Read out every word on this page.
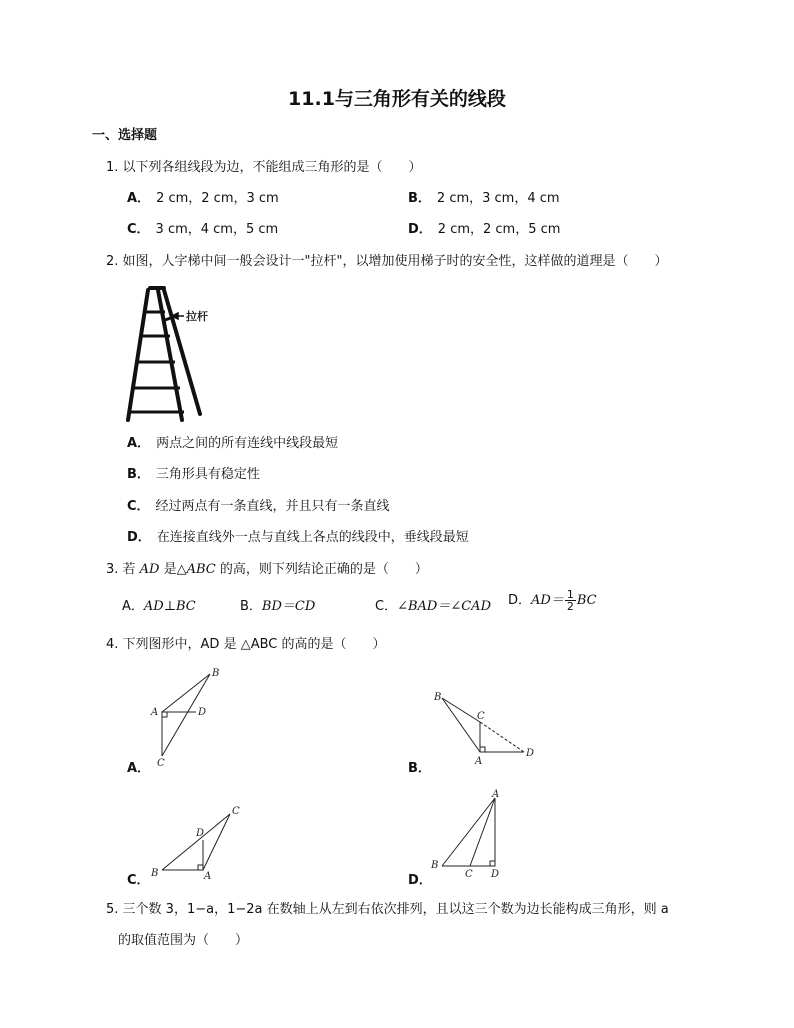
11.1与三角形有关的线段
一、选择题
1. 以下列各组线段为边，不能组成三角形的是（　　）
A． 2 cm，2 cm，3 cm	B． 2 cm，3 cm，4 cm
C． 3 cm，4 cm，5 cm	D． 2 cm，2 cm，5 cm
2. 如图，人字梯中间一般会设计一"拉杆"，以增加使用梯子时的安全性，这样做的道理是（　　）
拉杆
A． 两点之间的所有连线中线段最短
B． 三角形具有稳定性
C． 经过两点有一条直线，并且只有一条直线
D． 在连接直线外一点与直线上各点的线段中，垂线段最短
3. 若 AD 是△ABC 的高，则下列结论正确的是（　　）
A．AD⊥BC	B．BD＝CD	C．∠BAD＝∠CAD D．$AD= \frac{1}{2}$ BC
4. 下列图形中，AD 是 △ABC 的高的是（　　）
A．
B
A	D
C	B．
B
C
A
D
C．
C
D
B	A	D．
A
B
C D
5. 三个数 3，1−a，1−2a 在数轴上从左到右依次排列，且以这三个数为边长能构成三角形，则 a
的取值范围为（　　）
